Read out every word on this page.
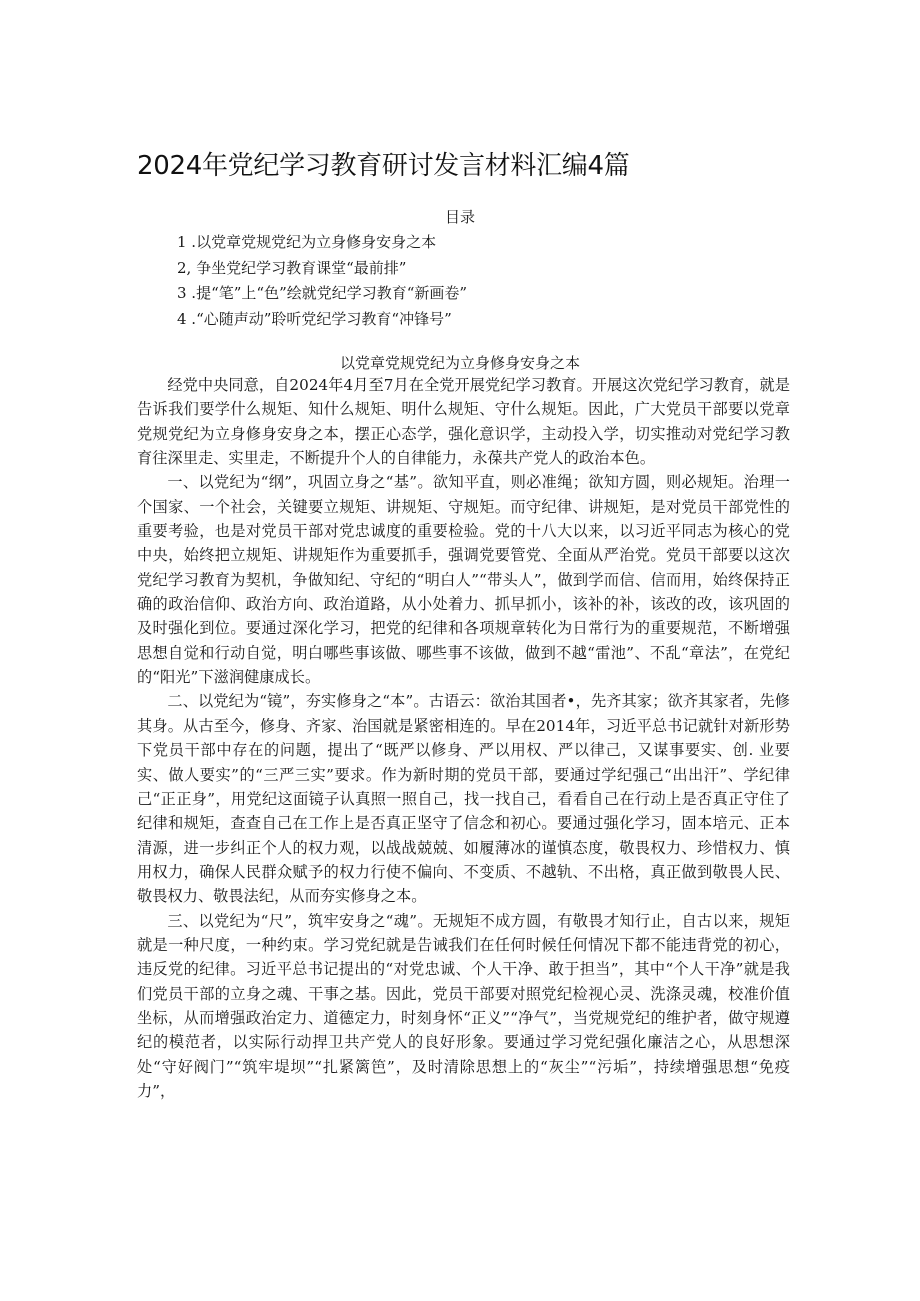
2024年党纪学习教育研讨发言材料汇编4篇
目录
1 .以党章党规党纪为立身修身安身之本
2, 争坐党纪学习教育课堂“最前排”
3 .提“笔”上“色”绘就党纪学习教育“新画卷”
4 .“心随声动”聆听党纪学习教育“冲锋号”
以党章党规党纪为立身修身安身之本

经党中央同意，自2024年4月至7月在全党开展党纪学习教育。开展这次党纪学习教育，就是告诉我们要学什么规矩、知什么规矩、明什么规矩、守什么规矩。因此，广大党员干部要以党章党规党纪为立身修身安身之本，摆正心态学，强化意识学，主动投入学，切实推动对党纪学习教育往深里走、实里走，不断提升个人的自律能力，永葆共产党人的政治本色。

一、以党纪为“纲”，巩固立身之“基”。欲知平直，则必准绳；欲知方圆，则必规矩。治理一个国家、一个社会，关键要立规矩、讲规矩、守规矩。而守纪律、讲规矩，是对党员干部党性的重要考验，也是对党员干部对党忠诚度的重要检验。党的十八大以来，以习近平同志为核心的党中央，始终把立规矩、讲规矩作为重要抓手，强调党要管党、全面从严治党。党员干部要以这次党纪学习教育为契机，争做知纪、守纪的“明白人”“带头人”，做到学而信、信而用，始终保持正确的政治信仰、政治方向、政治道路，从小处着力、抓早抓小，该补的补，该改的改，该巩固的及时强化到位。要通过深化学习，把党的纪律和各项规章转化为日常行为的重要规范，不断增强思想自觉和行动自觉，明白哪些事该做、哪些事不该做，做到不越“雷池”、不乱“章法”，在党纪的“阳光”下滋润健康成长。

二、以党纪为“镜”，夯实修身之“本”。古语云：欲治其国者•，先齐其家；欲齐其家者，先修其身。从古至今，修身、齐家、治国就是紧密相连的。早在2014年，习近平总书记就针对新形势下党员干部中存在的问题，提出了“既严以修身、严以用权、严以律己，又谋事要实、创. 业要实、做人要实”的“三严三实”要求。作为新时期的党员干部，要通过学纪强己“出出汗”、学纪律己“正正身”，用党纪这面镜子认真照一照自己，找一找自己，看看自己在行动上是否真正守住了纪律和规矩，查查自己在工作上是否真正坚守了信念和初心。要通过强化学习，固本培元、正本清源，进一步纠正个人的权力观，以战战兢兢、如履薄冰的谨慎态度，敬畏权力、珍惜权力、慎用权力，确保人民群众赋予的权力行使不偏向、不变质、不越轨、不出格，真正做到敬畏人民、敬畏权力、敬畏法纪，从而夯实修身之本。

三、以党纪为“尺”，筑牢安身之“魂”。无规矩不成方圆，有敬畏才知行止，自古以来，规矩就是一种尺度，一种约束。学习党纪就是告诫我们在任何时候任何情况下都不能违背党的初心，违反党的纪律。习近平总书记提出的“对党忠诚、个人干净、敢于担当”，其中“个人干净”就是我们党员干部的立身之魂、干事之基。因此，党员干部要对照党纪检视心灵、洗涤灵魂，校准价值坐标，从而增强政治定力、道德定力，时刻身怀“正义”“净气”，当党规党纪的维护者，做守规遵纪的模范者，以实际行动捍卫共产党人的良好形象。要通过学习党纪强化廉洁之心，从思想深处“守好阀门”“筑牢堤坝”“扎紧篱笆”，及时清除思想上的“灰尘”“污垢”，持续增强思想“免疫力”，
